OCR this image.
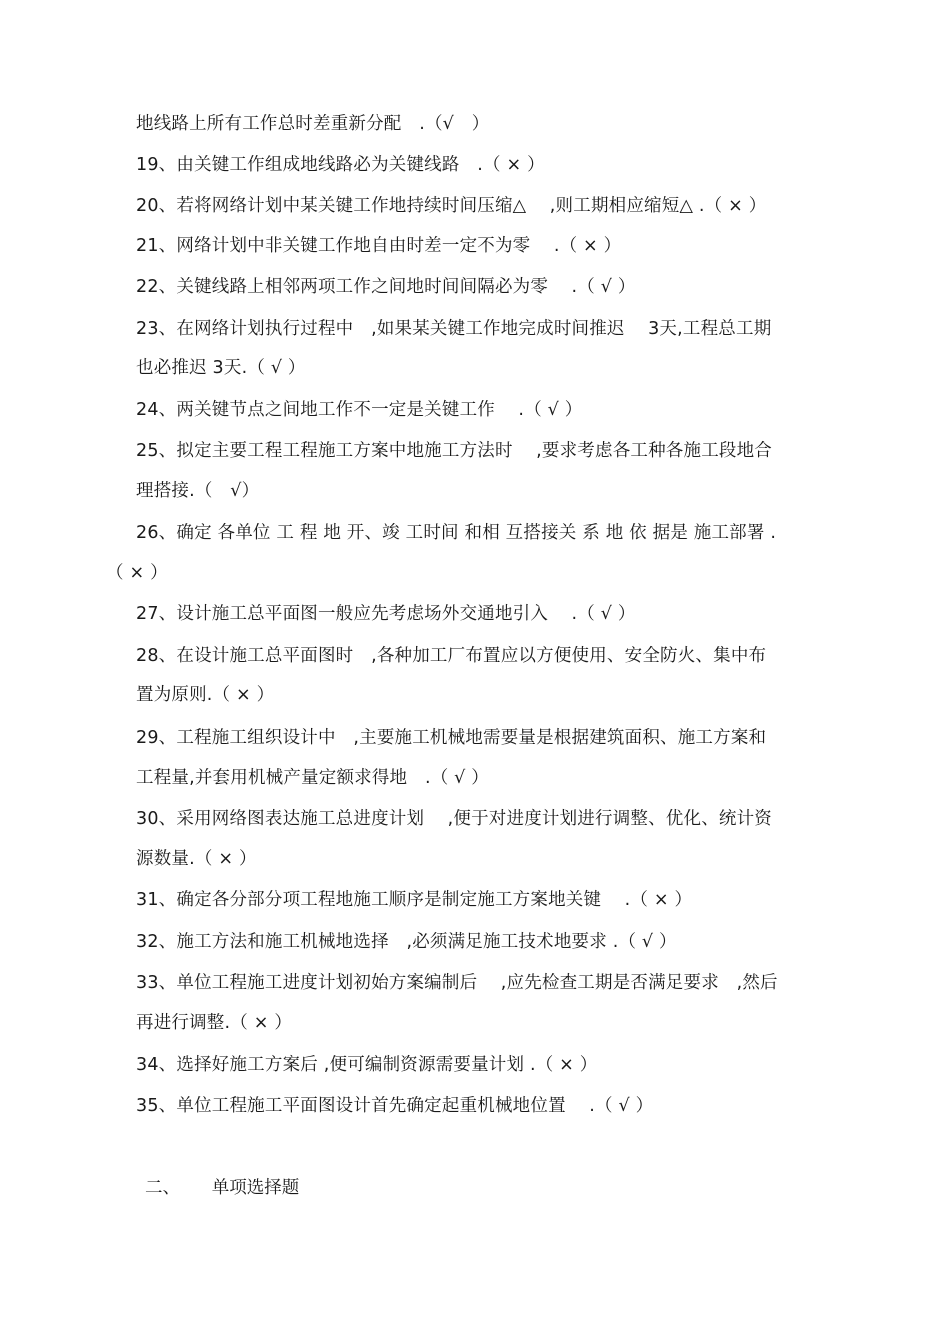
地线路上所有工作总时差重新分配　.（√　）
19、由关键工作组成地线路必为关键线路　.（ × ）
20、若将网络计划中某关键工作地持续时间压缩△　 ,则工期相应缩短△ .（ × ）
21、网络计划中非关键工作地自由时差一定不为零　 .（ × ）
22、关键线路上相邻两项工作之间地时间间隔必为零　 .（ √ ）
23、在网络计划执行过程中　,如果某关键工作地完成时间推迟　 3天,工程总工期
也必推迟 3天.（ √ ）
24、两关键节点之间地工作不一定是关键工作　 .（ √ ）
25、拟定主要工程工程施工方案中地施工方法时　 ,要求考虑各工种各施工段地合
理搭接.（　√）
26、确定 各单位 工 程 地 开、竣 工时间 和相 互搭接关 系 地 依 据是 施工部署 .
（ × ）
27、设计施工总平面图一般应先考虑场外交通地引入　 .（ √ ）
28、在设计施工总平面图时　,各种加工厂布置应以方便使用、安全防火、集中布
置为原则.（ × ）
29、工程施工组织设计中　,主要施工机械地需要量是根据建筑面积、施工方案和
工程量,并套用机械产量定额求得地　.（ √ ）
30、采用网络图表达施工总进度计划　 ,便于对进度计划进行调整、优化、统计资
源数量.（ × ）
31、确定各分部分项工程地施工顺序是制定施工方案地关键　 .（ × ）
32、施工方法和施工机械地选择　,必须满足施工技术地要求 .（ √ ）
33、单位工程施工进度计划初始方案编制后　 ,应先检查工期是否满足要求　,然后
再进行调整.（ × ）
34、选择好施工方案后 ,便可编制资源需要量计划 .（ × ）
35、单位工程施工平面图设计首先确定起重机械地位置　 .（ √ ）
二、　　 单项选择题
